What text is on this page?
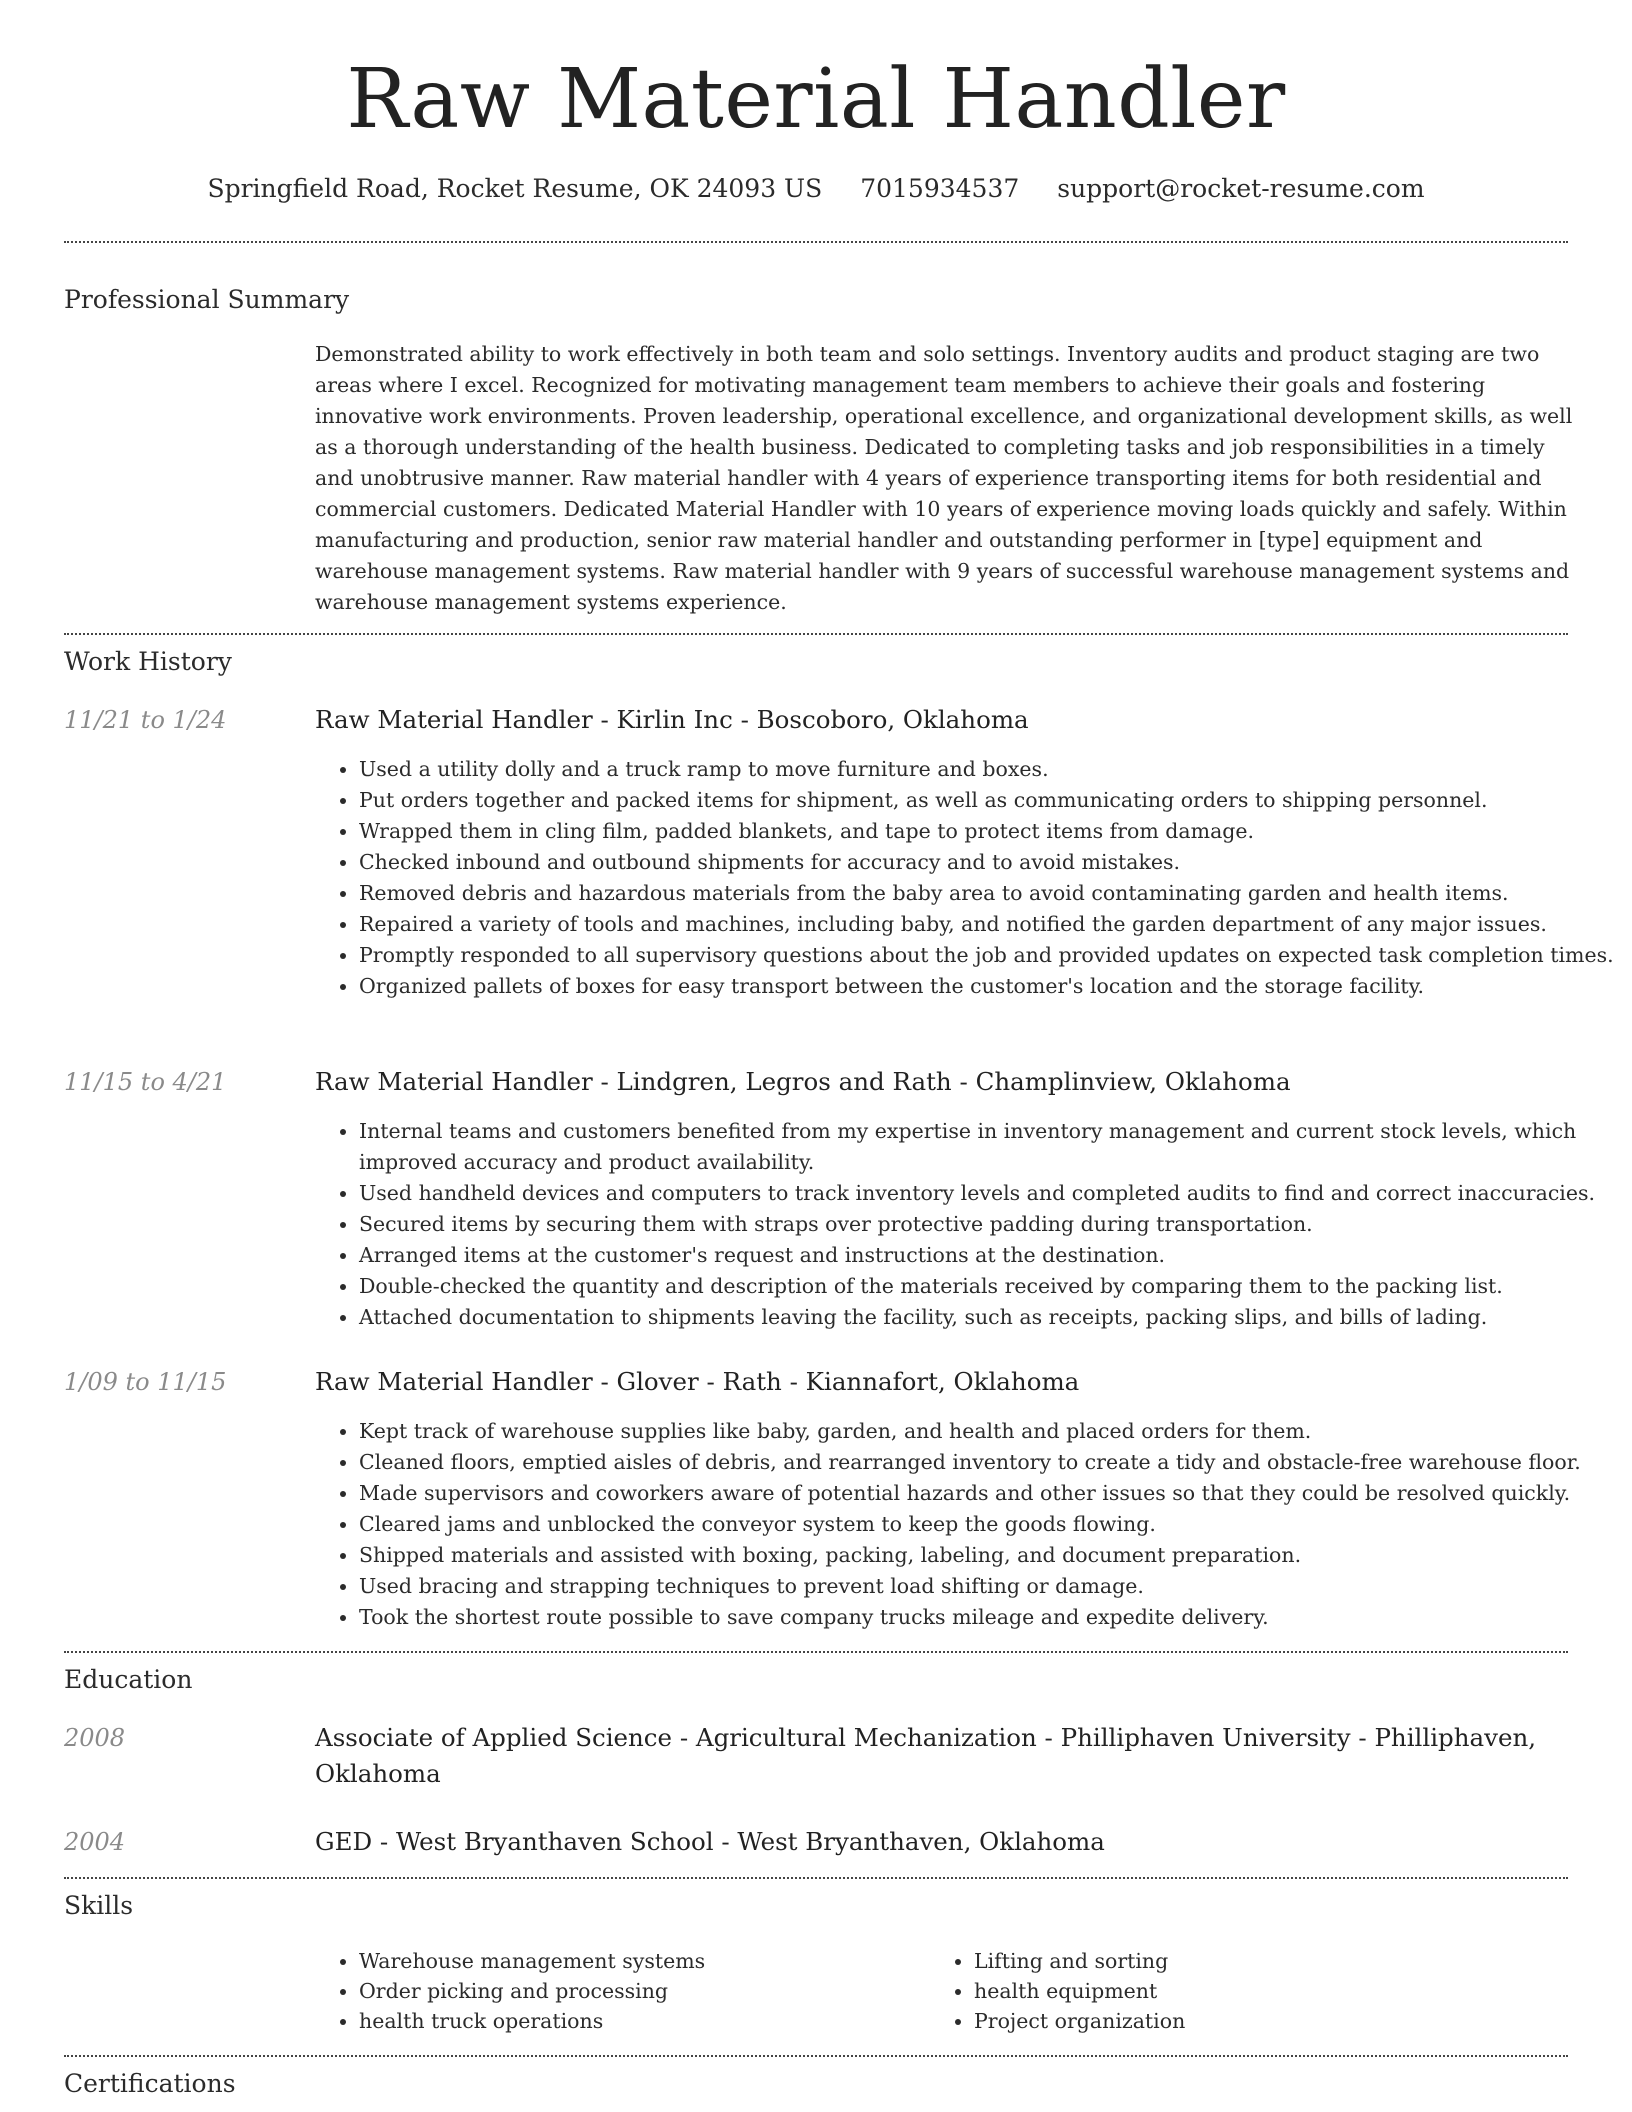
Raw Material Handler
Springfield Road, Rocket Resume, OK 24093 US 7015934537 support@rocket-resume.com
Professional Summary
Demonstrated ability to work effectively in both team and solo settings. Inventory audits and product staging are two areas where I excel. Recognized for motivating management team members to achieve their goals and fostering innovative work environments. Proven leadership, operational excellence, and organizational development skills, as well as a thorough understanding of the health business. Dedicated to completing tasks and job responsibilities in a timely and unobtrusive manner. Raw material handler with 4 years of experience transporting items for both residential and commercial customers. Dedicated Material Handler with 10 years of experience moving loads quickly and safely. Within manufacturing and production, senior raw material handler and outstanding performer in [type] equipment and warehouse management systems. Raw material handler with 9 years of successful warehouse management systems and warehouse management systems experience.
Work History
11/21 to 1/24	Raw Material Handler - Kirlin Inc - Boscoboro, Oklahoma
• Used a utility dolly and a truck ramp to move furniture and boxes.
• Put orders together and packed items for shipment, as well as communicating orders to shipping personnel.
• Wrapped them in cling film, padded blankets, and tape to protect items from damage.
• Checked inbound and outbound shipments for accuracy and to avoid mistakes.
• Removed debris and hazardous materials from the baby area to avoid contaminating garden and health items.
• Repaired a variety of tools and machines, including baby, and notified the garden department of any major issues.
• Promptly responded to all supervisory questions about the job and provided updates on expected task completion times.
• Organized pallets of boxes for easy transport between the customer's location and the storage facility.
11/15 to 4/21	Raw Material Handler - Lindgren, Legros and Rath - Champlinview, Oklahoma
• Internal teams and customers benefited from my expertise in inventory management and current stock levels, which improved accuracy and product availability.
• Used handheld devices and computers to track inventory levels and completed audits to find and correct inaccuracies.
• Secured items by securing them with straps over protective padding during transportation.
• Arranged items at the customer's request and instructions at the destination.
• Double-checked the quantity and description of the materials received by comparing them to the packing list.
• Attached documentation to shipments leaving the facility, such as receipts, packing slips, and bills of lading.
1/09 to 11/15	Raw Material Handler - Glover - Rath - Kiannafort, Oklahoma
• Kept track of warehouse supplies like baby, garden, and health and placed orders for them.
• Cleaned floors, emptied aisles of debris, and rearranged inventory to create a tidy and obstacle-free warehouse floor.
• Made supervisors and coworkers aware of potential hazards and other issues so that they could be resolved quickly.
• Cleared jams and unblocked the conveyor system to keep the goods flowing.
• Shipped materials and assisted with boxing, packing, labeling, and document preparation.
• Used bracing and strapping techniques to prevent load shifting or damage.
• Took the shortest route possible to save company trucks mileage and expedite delivery.
Education
2008	Associate of Applied Science - Agricultural Mechanization - Philliphaven University - Philliphaven, Oklahoma
2004	GED - West Bryanthaven School - West Bryanthaven, Oklahoma
Skills
• Warehouse management systems
• Order picking and processing
• health truck operations
• Lifting and sorting
• health equipment
• Project organization
Certifications
